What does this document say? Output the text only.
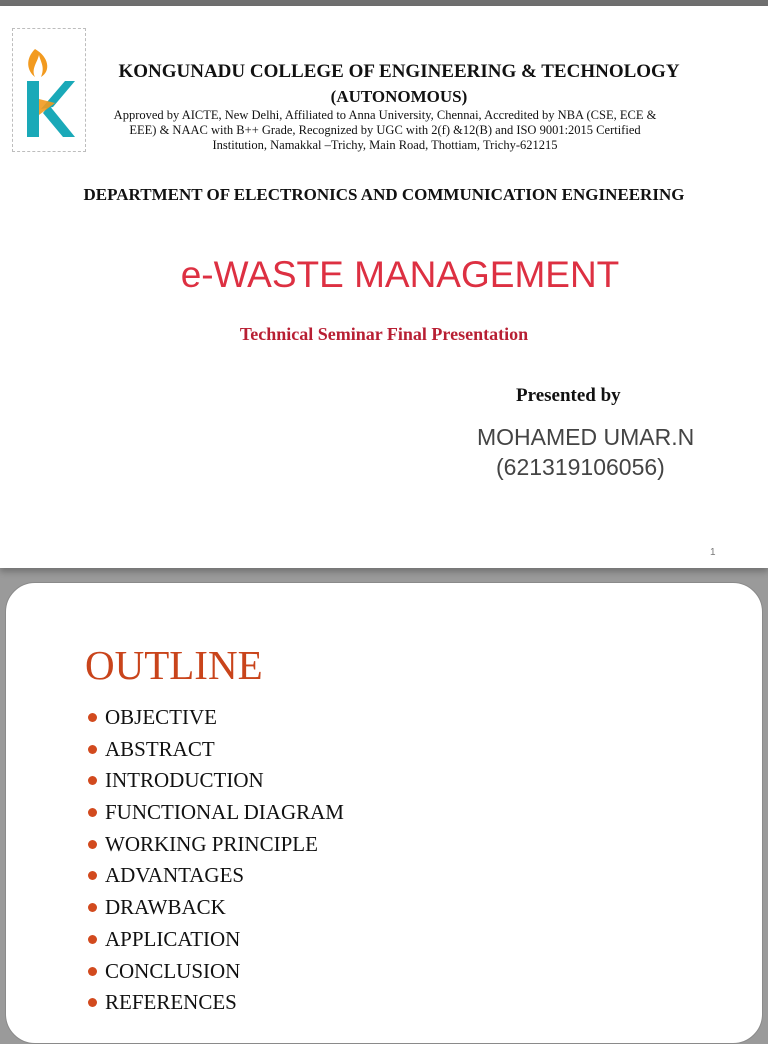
KONGUNADU COLLEGE OF ENGINEERING & TECHNOLOGY
(AUTONOMOUS)
Approved by AICTE, New Delhi, Affiliated to Anna University, Chennai, Accredited by NBA (CSE, ECE &
EEE) & NAAC with B++ Grade, Recognized by UGC with 2(f) &12(B) and ISO 9001:2015 Certified
Institution, Namakkal –Trichy, Main Road, Thottiam, Trichy-621215
DEPARTMENT OF ELECTRONICS AND COMMUNICATION ENGINEERING
e-WASTE MANAGEMENT
Technical Seminar Final Presentation
Presented by
MOHAMED UMAR.N
(621319106056)
1
OUTLINE
OBJECTIVE
ABSTRACT
INTRODUCTION
FUNCTIONAL DIAGRAM
WORKING PRINCIPLE
ADVANTAGES
DRAWBACK
APPLICATION
CONCLUSION
REFERENCES
